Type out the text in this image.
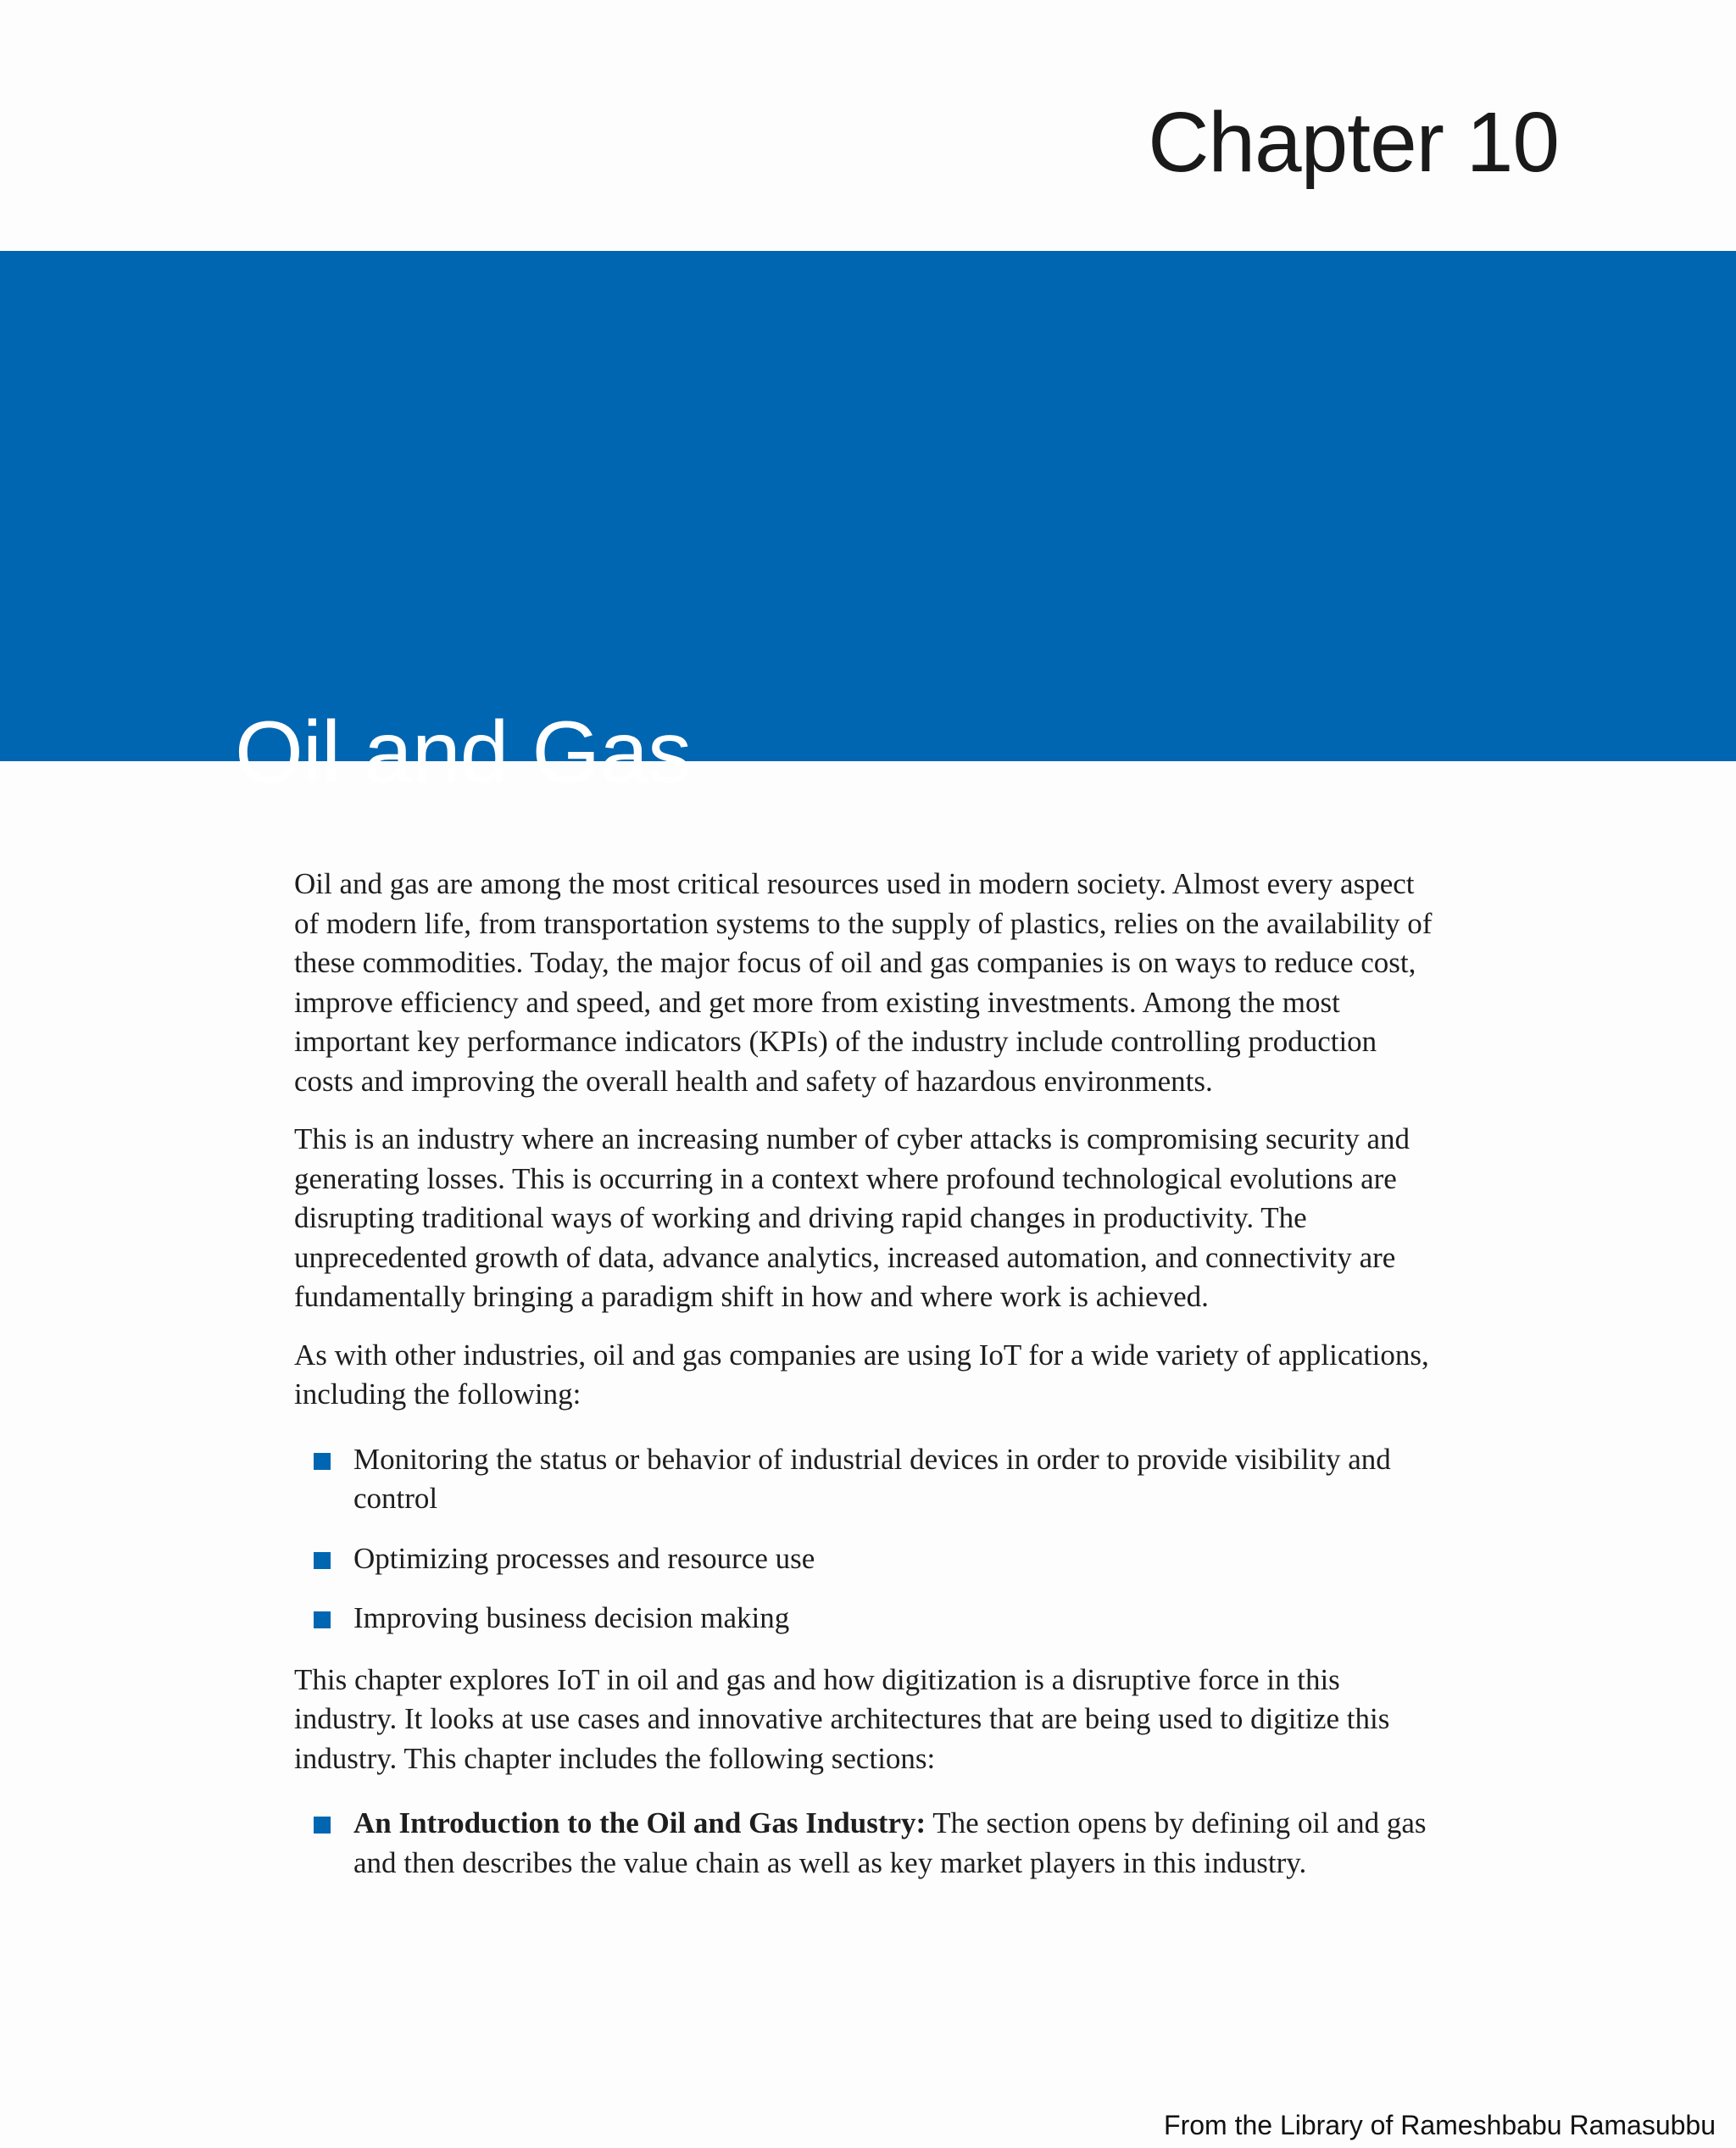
Chapter 10
Oil and Gas

Oil and gas are among the most critical resources used in modern society. Almost every aspect of modern life, from transportation systems to the supply of plastics, relies on the availability of these commodities. Today, the major focus of oil and gas companies is on ways to reduce cost, improve efficiency and speed, and get more from existing investments. Among the most important key performance indicators (KPIs) of the industry include controlling production costs and improving the overall health and safety of hazardous environments.

This is an industry where an increasing number of cyber attacks is compromising security and generating losses. This is occurring in a context where profound technological evolutions are disrupting traditional ways of working and driving rapid changes in productivity. The unprecedented growth of data, advance analytics, increased automation, and connectivity are fundamentally bringing a paradigm shift in how and where work is achieved.

As with other industries, oil and gas companies are using IoT for a wide variety of applications, including the following:

Monitoring the status or behavior of industrial devices in order to provide visibility and control
Optimizing processes and resource use
Improving business decision making

This chapter explores IoT in oil and gas and how digitization is a disruptive force in this industry. It looks at use cases and innovative architectures that are being used to digitize this industry. This chapter includes the following sections:

An Introduction to the Oil and Gas Industry: The section opens by defining oil and gas and then describes the value chain as well as key market players in this industry.
From the Library of Rameshbabu Ramasubbu
